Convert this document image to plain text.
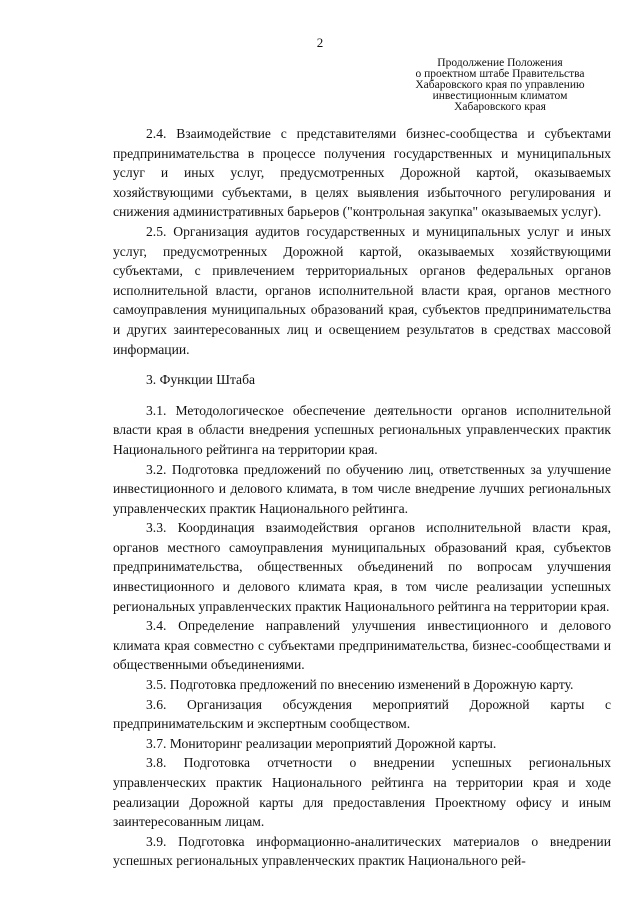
2
Продолжение Положения
о проектном штабе Правительства
Хабаровского края по управлению
инвестиционным климатом
Хабаровского края

2.4. Взаимодействие с представителями бизнес-сообщества и субъектами предпринимательства в процессе получения государственных и муниципальных услуг и иных услуг, предусмотренных Дорожной картой, оказываемых хозяйствующими субъектами, в целях выявления избыточного регулирования и снижения административных барьеров ("контрольная закупка" оказываемых услуг).

2.5. Организация аудитов государственных и муниципальных услуг и иных услуг, предусмотренных Дорожной картой, оказываемых хозяйствующими субъектами, с привлечением территориальных органов федеральных органов исполнительной власти, органов исполнительной власти края, органов местного самоуправления муниципальных образований края, субъектов предпринимательства и других заинтересованных лиц и освещением результатов в средствах массовой информации.

3. Функции Штаба

3.1. Методологическое обеспечение деятельности органов исполнительной власти края в области внедрения успешных региональных управленческих практик Национального рейтинга на территории края.

3.2. Подготовка предложений по обучению лиц, ответственных за улучшение инвестиционного и делового климата, в том числе внедрение лучших региональных управленческих практик Национального рейтинга.

3.3. Координация взаимодействия органов исполнительной власти края, органов местного самоуправления муниципальных образований края, субъектов предпринимательства, общественных объединений по вопросам улучшения инвестиционного и делового климата края, в том числе реализации успешных региональных управленческих практик Национального рейтинга на территории края.

3.4. Определение направлений улучшения инвестиционного и делового климата края совместно с субъектами предпринимательства, бизнес-сообществами и общественными объединениями.

3.5. Подготовка предложений по внесению изменений в Дорожную карту.

3.6. Организация обсуждения мероприятий Дорожной карты с предпринимательским и экспертным сообществом.

3.7. Мониторинг реализации мероприятий Дорожной карты.

3.8. Подготовка отчетности о внедрении успешных региональных управленческих практик Национального рейтинга на территории края и ходе реализации Дорожной карты для предоставления Проектному офису и иным заинтересованным лицам.

3.9. Подготовка информационно-аналитических материалов о внедрении успешных региональных управленческих практик Национального рей-
